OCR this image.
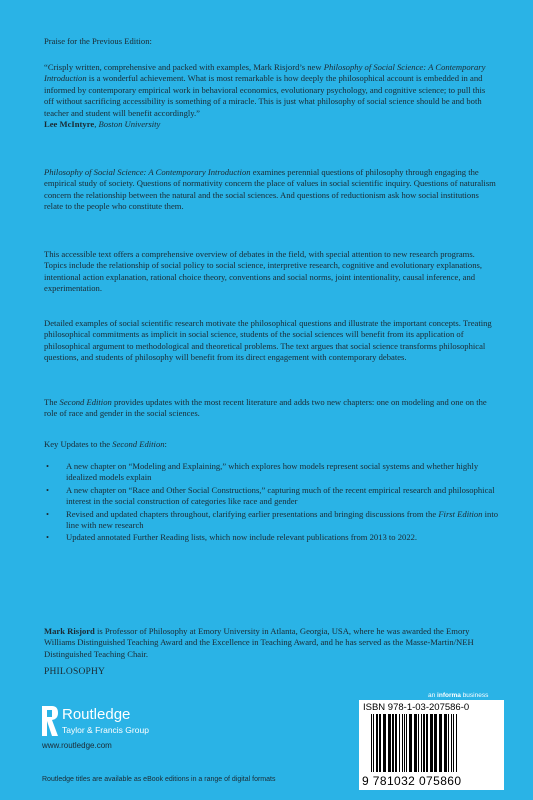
Praise for the Previous Edition:

“Crisply written, comprehensive and packed with examples, Mark Risjord’s new Philosophy of Social Science: A Contemporary Introduction is a wonderful achievement. What is most remarkable is how deeply the philosophical account is embedded in and informed by contemporary empirical work in behavioral economics, evolutionary psychology, and cognitive science; to pull this off without sacrificing accessibility is something of a miracle. This is just what philosophy of social science should be and both teacher and student will benefit accordingly.”
Lee McIntyre, Boston University

Philosophy of Social Science: A Contemporary Introduction examines perennial questions of philosophy through engaging the empirical study of society. Questions of normativity concern the place of values in social scientific inquiry. Questions of naturalism concern the relationship between the natural and the social sciences. And questions of reductionism ask how social institutions relate to the people who constitute them.

This accessible text offers a comprehensive overview of debates in the field, with special attention to new research programs. Topics include the relationship of social policy to social science, interpretive research, cognitive and evolutionary explanations, intentional action explanation, rational choice theory, conventions and social norms, joint intentionality, causal inference, and experimentation.

Detailed examples of social scientific research motivate the philosophical questions and illustrate the important concepts. Treating philosophical commitments as implicit in social science, students of the social sciences will benefit from its application of philosophical argument to methodological and theoretical problems. The text argues that social science transforms philosophical questions, and students of philosophy will benefit from its direct engagement with contemporary debates.

The Second Edition provides updates with the most recent literature and adds two new chapters: one on modeling and one on the role of race and gender in the social sciences.

Key Updates to the Second Edition:

• A new chapter on “Modeling and Explaining,” which explores how models represent social systems and whether highly idealized models explain
• A new chapter on “Race and Other Social Constructions,” capturing much of the recent empirical research and philosophical interest in the social construction of categories like race and gender
• Revised and updated chapters throughout, clarifying earlier presentations and bringing discussions from the First Edition into line with new research
• Updated annotated Further Reading lists, which now include relevant publications from 2013 to 2022.

Mark Risjord is Professor of Philosophy at Emory University in Atlanta, Georgia, USA, where he was awarded the Emory Williams Distinguished Teaching Award and the Excellence in Teaching Award, and he has served as the Masse-Martin/NEH Distinguished Teaching Chair.

PHILOSOPHY

Routledge
Taylor & Francis Group
www.routledge.com
Routledge titles are available as eBook editions in a range of digital formats
an informa business
ISBN 978-1-03-207586-0
9 781032 075860
